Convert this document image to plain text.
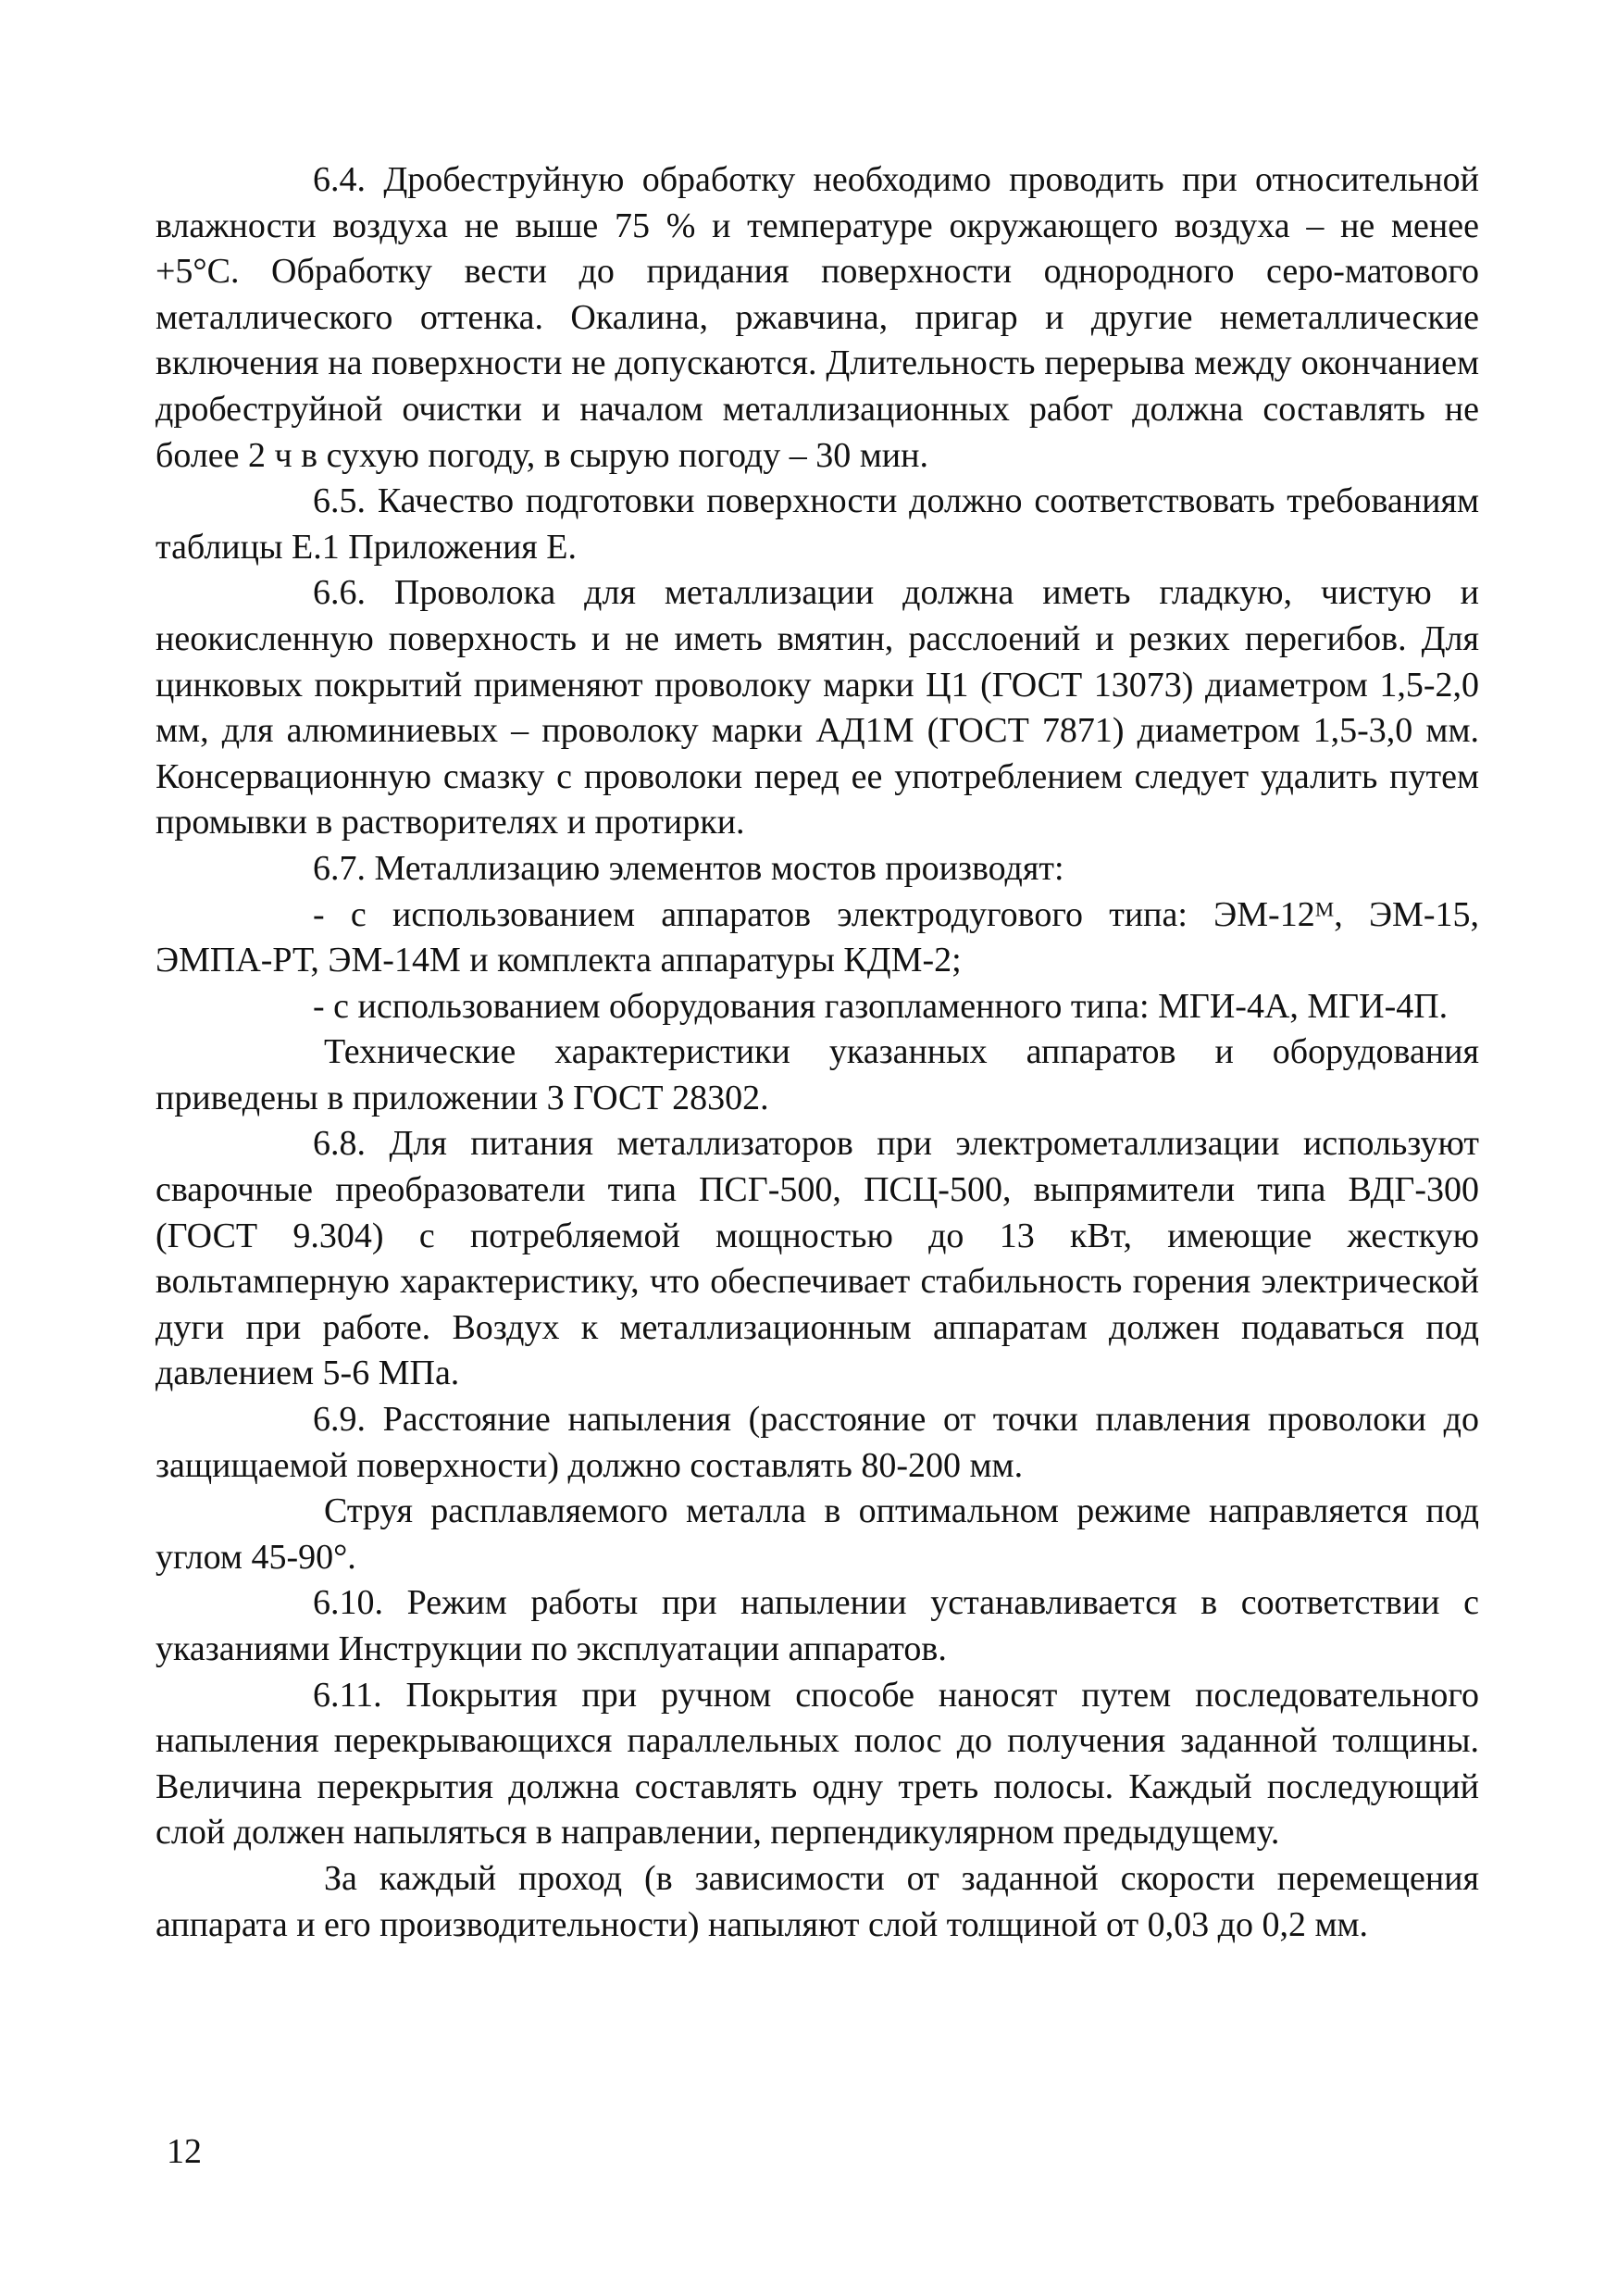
6.4. Дробеструйную обработку необходимо проводить при относительной влажности воздуха не выше 75 % и температуре окружающего воздуха – не менее +5°С. Обработку вести до придания поверхности однородного серо-матового металлического оттенка. Окалина, ржавчина, пригар и другие неметаллические включения на поверхности не допускаются. Длительность перерыва между окончанием дробеструйной очистки и началом металлизационных работ должна составлять не более 2 ч в сухую погоду, в сырую погоду – 30 мин.

6.5. Качество подготовки поверхности должно соответствовать требованиям таблицы Е.1 Приложения Е.

6.6. Проволока для металлизации должна иметь гладкую, чистую и неокисленную поверхность и не иметь вмятин, расслоений и резких перегибов. Для цинковых покрытий применяют проволоку марки Ц1 (ГОСТ 13073) диаметром 1,5-2,0 мм, для алюминиевых – проволоку марки АД1М (ГОСТ 7871) диаметром 1,5-3,0 мм. Консервационную смазку с проволоки перед ее употреблением следует удалить путем промывки в растворителях и протирки.

6.7. Металлизацию элементов мостов производят:

- с использованием аппаратов электродугового типа: ЭМ-12ᴹ, ЭМ-15, ЭМПА-РТ, ЭМ-14М и комплекта аппаратуры КДМ-2;

- с использованием оборудования газопламенного типа: МГИ-4А, МГИ-4П.

Технические характеристики указанных аппаратов и оборудования приведены в приложении 3 ГОСТ 28302.

6.8. Для питания металлизаторов при электрометаллизации используют сварочные преобразователи типа ПСГ-500, ПСЦ-500, выпрямители типа ВДГ-300 (ГОСТ 9.304) с потребляемой мощностью до 13 кВт, имеющие жесткую вольтамперную характеристику, что обеспечивает стабильность горения электрической дуги при работе. Воздух к металлизационным аппаратам должен подаваться под давлением 5-6 МПа.

6.9. Расстояние напыления (расстояние от точки плавления проволоки до защищаемой поверхности) должно составлять 80-200 мм.

Струя расплавляемого металла в оптимальном режиме направляется под углом 45-90°.

6.10. Режим работы при напылении устанавливается в соответствии с указаниями Инструкции по эксплуатации аппаратов.

6.11. Покрытия при ручном способе наносят путем последовательного напыления перекрывающихся параллельных полос до получения заданной толщины. Величина перекрытия должна составлять одну треть полосы. Каждый последующий слой должен напыляться в направлении, перпендикулярном предыдущему.

За каждый проход (в зависимости от заданной скорости перемещения аппарата и его производительности) напыляют слой толщиной от 0,03 до 0,2 мм.

12
